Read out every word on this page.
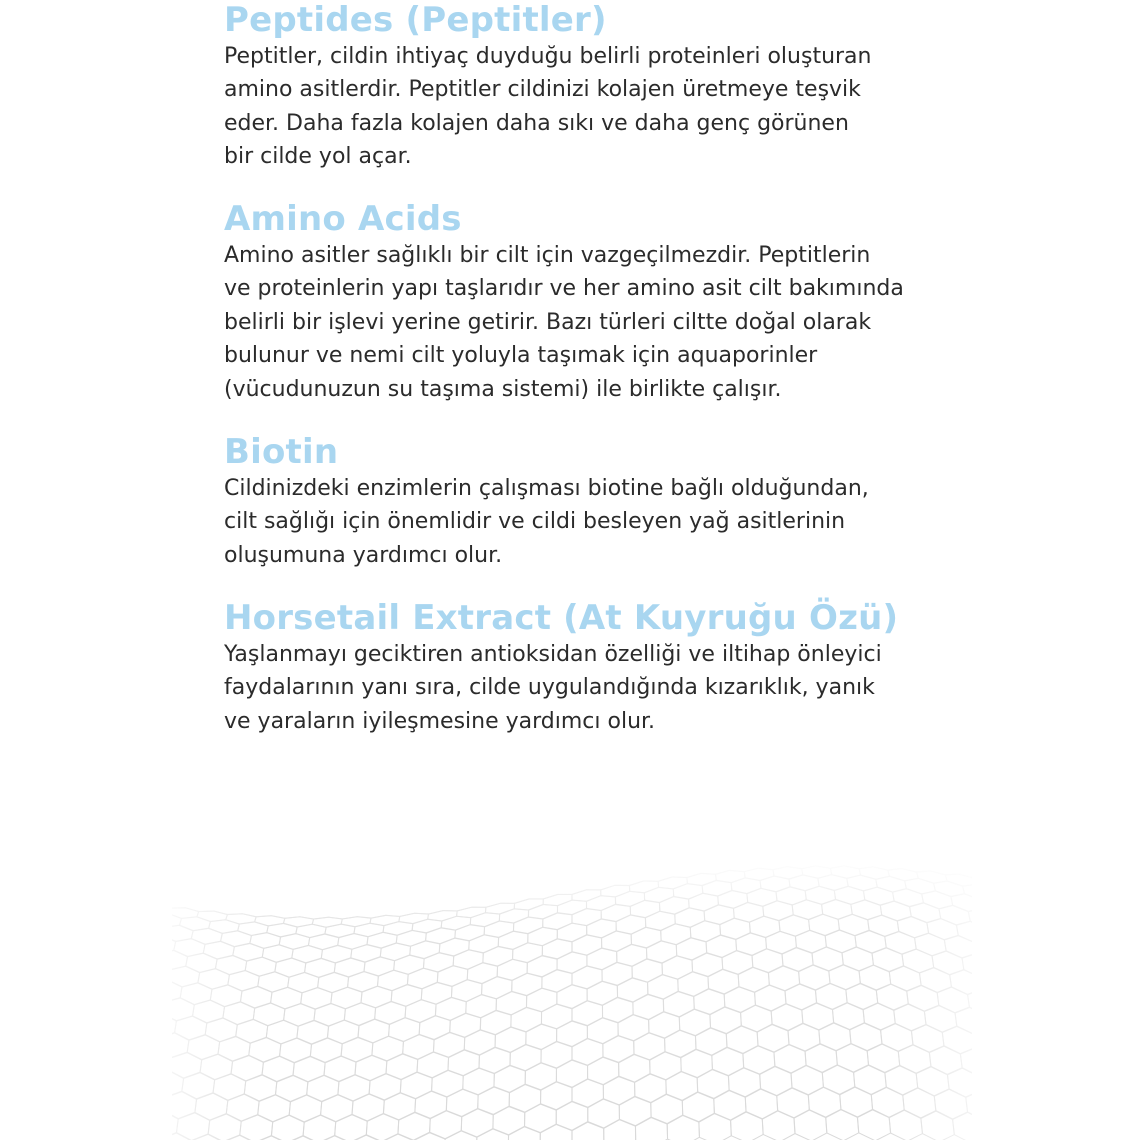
Peptides (Peptitler)

Peptitler, cildin ihtiyaç duyduğu belirli proteinleri oluşturan
amino asitlerdir. Peptitler cildinizi kolajen üretmeye teşvik
eder. Daha fazla kolajen daha sıkı ve daha genç görünen
bir cilde yol açar.

Amino Acids

Amino asitler sağlıklı bir cilt için vazgeçilmezdir. Peptitlerin
ve proteinlerin yapı taşlarıdır ve her amino asit cilt bakımında
belirli bir işlevi yerine getirir. Bazı türleri ciltte doğal olarak
bulunur ve nemi cilt yoluyla taşımak için aquaporinler
(vücudunuzun su taşıma sistemi) ile birlikte çalışır.

Biotin

Cildinizdeki enzimlerin çalışması biotine bağlı olduğundan,
cilt sağlığı için önemlidir ve cildi besleyen yağ asitlerinin
oluşumuna yardımcı olur.

Horsetail Extract (At Kuyruğu Özü)

Yaşlanmayı geciktiren antioksidan özelliği ve iltihap önleyici
faydalarının yanı sıra, cilde uygulandığında kızarıklık, yanık
ve yaraların iyileşmesine yardımcı olur.
